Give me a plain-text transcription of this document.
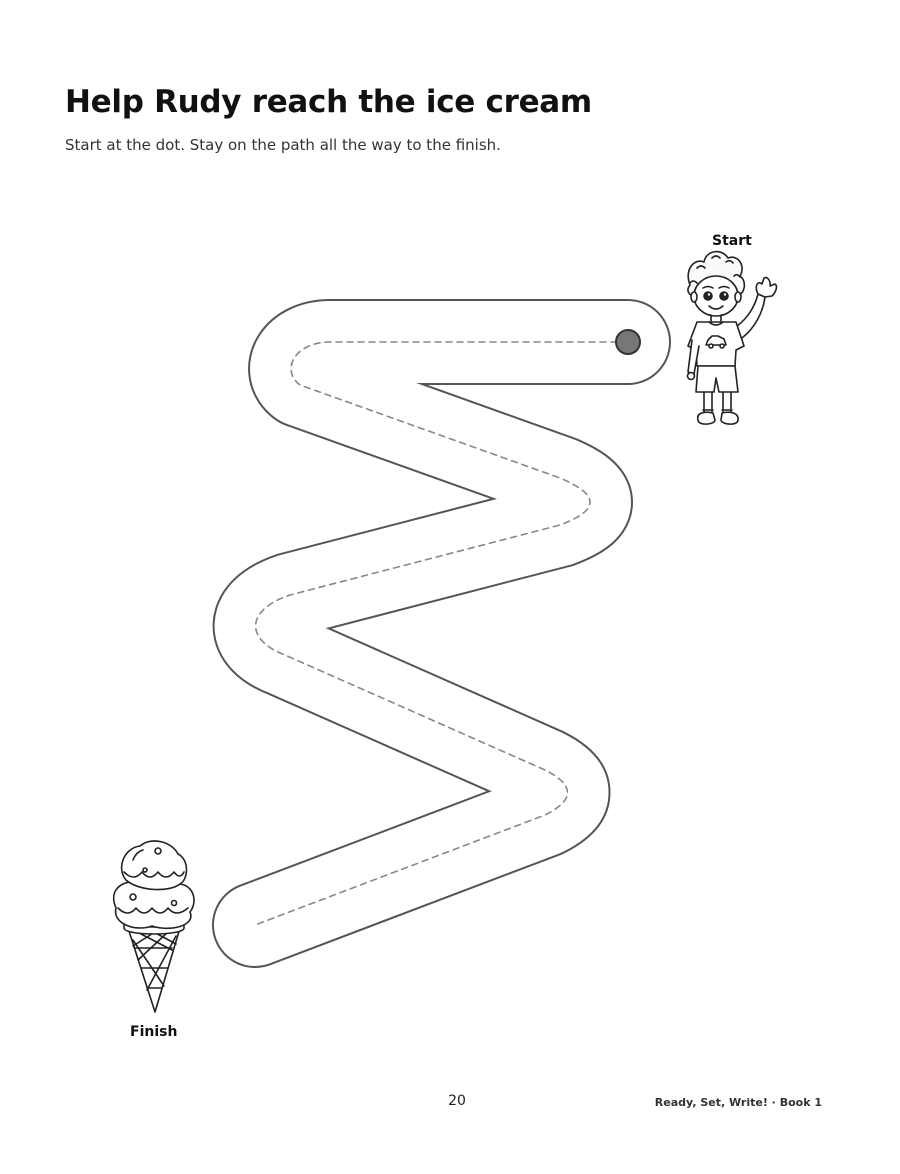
Help Rudy reach the ice cream

Start at the dot. Stay on the path all the way to the finish.

Start
Finish
20	Ready, Set, Write! · Book 1
